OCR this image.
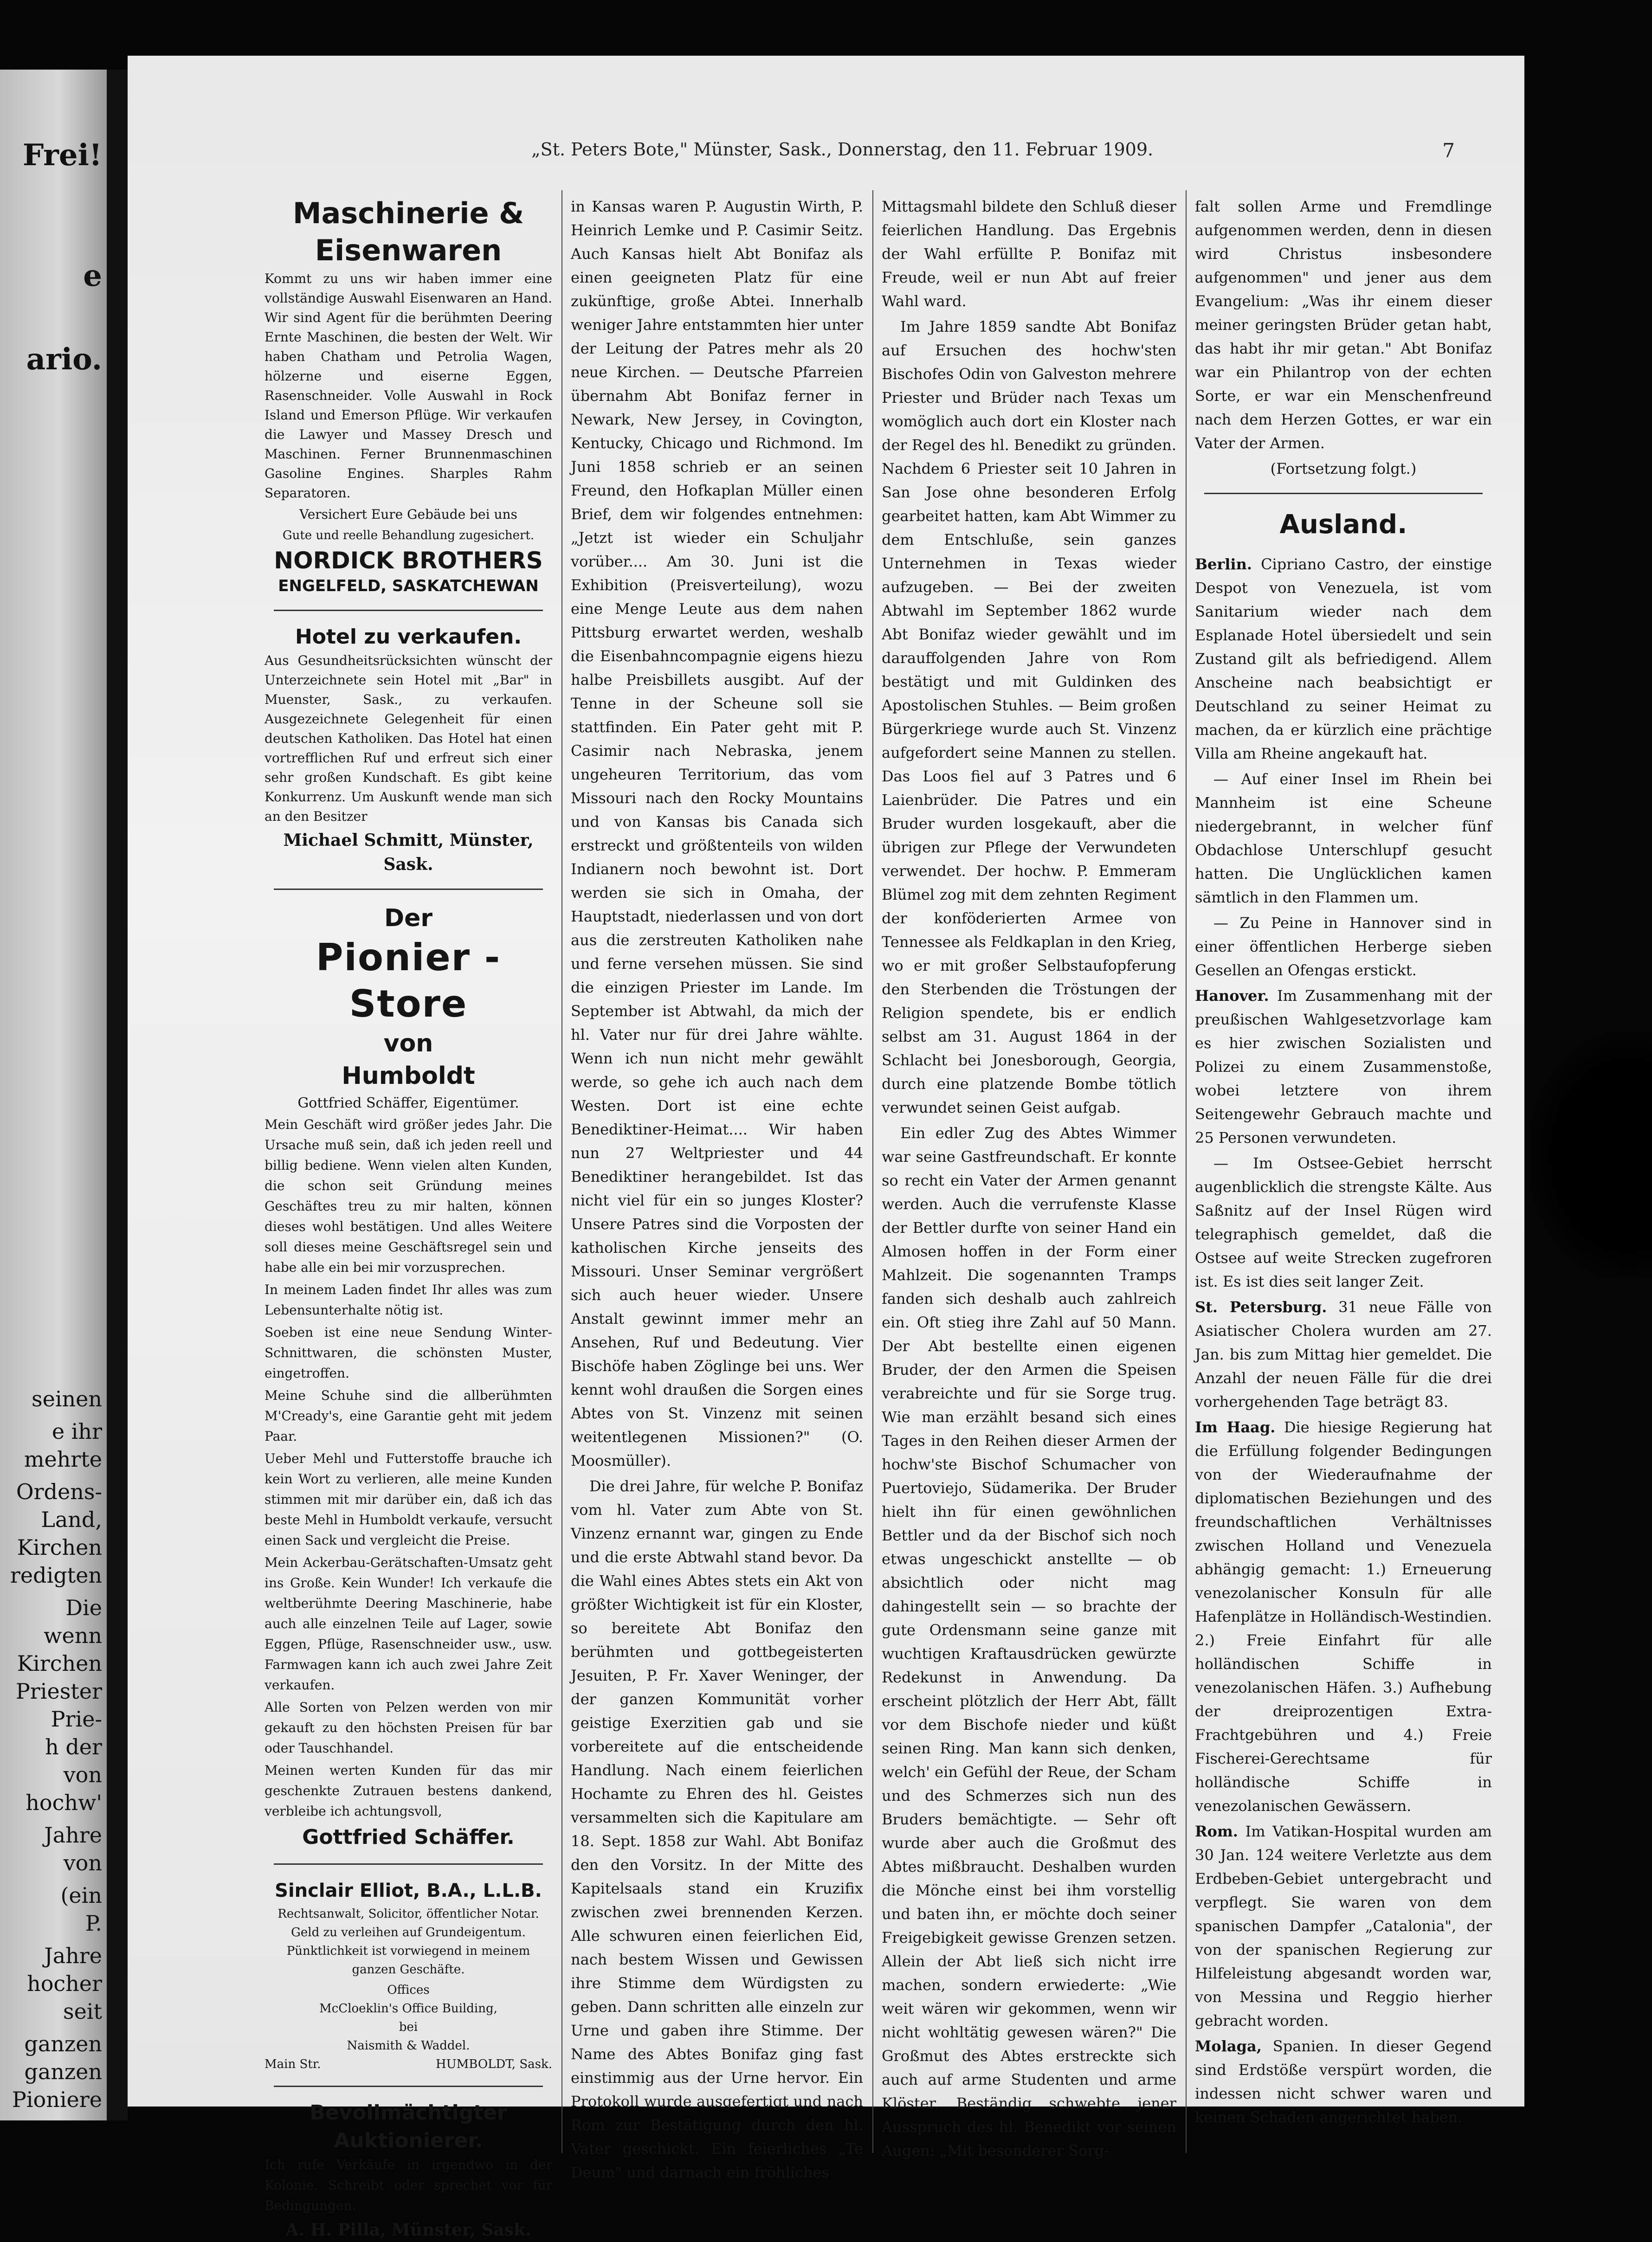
Frei!
e
ario.
seinen
e ihr
mehrte
Ordens-
Land,
Kirchen
redigten
Die
wenn
Kirchen
Priester
Prie-
h der
von
hochw'
Jahre
von
(ein
P.
Jahre
hocher
seit
ganzen
ganzen
Pioniere
„St. Peters Bote," Münster, Sask., Donnerstag, den 11. Februar 1909.	7
Maschinerie & Eisenwaren

Kommt zu uns wir haben immer eine vollständige Auswahl Eisenwaren an Hand. Wir sind Agent für die berühmten Deering Ernte Maschinen, die besten der Welt. Wir haben Chatham und Petrolia Wagen, hölzerne und eiserne Eggen, Rasenschneider. Volle Auswahl in Rock Island und Emerson Pflüge. Wir verkaufen die Lawyer und Massey Dresch und Maschinen. Ferner Brunnenmaschinen Gasoline Engines. Sharples Rahm Separatoren.

Versichert Eure Gebäude bei uns

Gute und reelle Behandlung zugesichert.

NORDICK BROTHERS
ENGELFELD, SASKATCHEWAN
Hotel zu verkaufen.

Aus Gesundheitsrücksichten wünscht der Unterzeichnete sein Hotel mit „Bar" in Muenster, Sask., zu verkaufen. Ausgezeichnete Gelegenheit für einen deutschen Katholiken. Das Hotel hat einen vortrefflichen Ruf und erfreut sich einer sehr großen Kundschaft. Es gibt keine Konkurrenz. Um Auskunft wende man sich an den Besitzer

Michael Schmitt, Münster, Sask.
Der
Pionier - Store
von
Humboldt
Gottfried Schäffer, Eigentümer.

Mein Geschäft wird größer jedes Jahr. Die Ursache muß sein, daß ich jeden reell und billig bediene. Wenn vielen alten Kunden, die schon seit Gründung meines Geschäftes treu zu mir halten, können dieses wohl bestätigen. Und alles Weitere soll dieses meine Geschäftsregel sein und habe alle ein bei mir vorzusprechen.

In meinem Laden findet Ihr alles was zum Lebensunterhalte nötig ist.

Soeben ist eine neue Sendung Winter-Schnittwaren, die schönsten Muster, eingetroffen.

Meine Schuhe sind die allberühmten M'Cready's, eine Garantie geht mit jedem Paar.

Ueber Mehl und Futterstoffe brauche ich kein Wort zu verlieren, alle meine Kunden stimmen mit mir darüber ein, daß ich das beste Mehl in Humboldt verkaufe, versucht einen Sack und vergleicht die Preise.

Mein Ackerbau-Gerätschaften-Umsatz geht ins Große. Kein Wunder! Ich verkaufe die weltberühmte Deering Maschinerie, habe auch alle einzelnen Teile auf Lager, sowie Eggen, Pflüge, Rasenschneider usw., usw. Farmwagen kann ich auch zwei Jahre Zeit verkaufen.

Alle Sorten von Pelzen werden von mir gekauft zu den höchsten Preisen für bar oder Tauschhandel.

Meinen werten Kunden für das mir geschenkte Zutrauen bestens dankend, verbleibe ich achtungsvoll,

Gottfried Schäffer.
Sinclair Elliot, B.A., L.L.B.

Rechtsanwalt, Solicitor, öffentlicher Notar. Geld zu verleihen auf Grundeigentum. Pünktlichkeit ist vorwiegend in meinem ganzen Geschäfte.

Offices
McCloeklin's Office Building,
bei
Naismith & Waddel.
Main Str.	HUMBOLDT, Sask.
Bevollmächtigter Auktionierer.

Ich rufe Verkäufe in irgendwo in der Kolonie. Schreibt oder sprechet vor für Bedingungen.

A. H. Pilla, Münster, Sask.

in Kansas waren P. Augustin Wirth, P. Heinrich Lemke und P. Casimir Seitz. Auch Kansas hielt Abt Bonifaz als einen geeigneten Platz für eine zukünftige, große Abtei. Innerhalb weniger Jahre entstammten hier unter der Leitung der Patres mehr als 20 neue Kirchen. — Deutsche Pfarreien übernahm Abt Bonifaz ferner in Newark, New Jersey, in Covington, Kentucky, Chicago und Richmond. Im Juni 1858 schrieb er an seinen Freund, den Hofkaplan Müller einen Brief, dem wir folgendes entnehmen: „Jetzt ist wieder ein Schuljahr vorüber.... Am 30. Juni ist die Exhibition (Preisverteilung), wozu eine Menge Leute aus dem nahen Pittsburg erwartet werden, weshalb die Eisenbahncompagnie eigens hiezu halbe Preisbillets ausgibt. Auf der Tenne in der Scheune soll sie stattfinden. Ein Pater geht mit P. Casimir nach Nebraska, jenem ungeheuren Territorium, das vom Missouri nach den Rocky Mountains und von Kansas bis Canada sich erstreckt und größtenteils von wilden Indianern noch bewohnt ist. Dort werden sie sich in Omaha, der Hauptstadt, niederlassen und von dort aus die zerstreuten Katholiken nahe und ferne versehen müssen. Sie sind die einzigen Priester im Lande. Im September ist Abtwahl, da mich der hl. Vater nur für drei Jahre wählte. Wenn ich nun nicht mehr gewählt werde, so gehe ich auch nach dem Westen. Dort ist eine echte Benediktiner-Heimat.... Wir haben nun 27 Weltpriester und 44 Benediktiner herangebildet. Ist das nicht viel für ein so junges Kloster? Unsere Patres sind die Vorposten der katholischen Kirche jenseits des Missouri. Unser Seminar vergrößert sich auch heuer wieder. Unsere Anstalt gewinnt immer mehr an Ansehen, Ruf und Bedeutung. Vier Bischöfe haben Zöglinge bei uns. Wer kennt wohl draußen die Sorgen eines Abtes von St. Vinzenz mit seinen weitentlegenen Missionen?" (O. Moosmüller).

Die drei Jahre, für welche P. Bonifaz vom hl. Vater zum Abte von St. Vinzenz ernannt war, gingen zu Ende und die erste Abtwahl stand bevor. Da die Wahl eines Abtes stets ein Akt von größter Wichtigkeit ist für ein Kloster, so bereitete Abt Bonifaz den berühmten und gottbegeisterten Jesuiten, P. Fr. Xaver Weninger, der der ganzen Kommunität vorher geistige Exerzitien gab und sie vorbereitete auf die entscheidende Handlung. Nach einem feierlichen Hochamte zu Ehren des hl. Geistes versammelten sich die Kapitulare am 18. Sept. 1858 zur Wahl. Abt Bonifaz den den Vorsitz. In der Mitte des Kapitelsaals stand ein Kruzifix zwischen zwei brennenden Kerzen. Alle schwuren einen feierlichen Eid, nach bestem Wissen und Gewissen ihre Stimme dem Würdigsten zu geben. Dann schritten alle einzeln zur Urne und gaben ihre Stimme. Der Name des Abtes Bonifaz ging fast einstimmig aus der Urne hervor. Ein Protokoll wurde ausgefertigt und nach Rom zur Bestätigung durch den hl. Vater geschickt. Ein feierliches „Te Deum" und darnach ein fröhliches

Mittagsmahl bildete den Schluß dieser feierlichen Handlung. Das Ergebnis der Wahl erfüllte P. Bonifaz mit Freude, weil er nun Abt auf freier Wahl ward.

Im Jahre 1859 sandte Abt Bonifaz auf Ersuchen des hochw'sten Bischofes Odin von Galveston mehrere Priester und Brüder nach Texas um womöglich auch dort ein Kloster nach der Regel des hl. Benedikt zu gründen. Nachdem 6 Priester seit 10 Jahren in San Jose ohne besonderen Erfolg gearbeitet hatten, kam Abt Wimmer zu dem Entschluße, sein ganzes Unternehmen in Texas wieder aufzugeben. — Bei der zweiten Abtwahl im September 1862 wurde Abt Bonifaz wieder gewählt und im darauffolgenden Jahre von Rom bestätigt und mit Guldinken des Apostolischen Stuhles. — Beim großen Bürgerkriege wurde auch St. Vinzenz aufgefordert seine Mannen zu stellen. Das Loos fiel auf 3 Patres und 6 Laienbrüder. Die Patres und ein Bruder wurden losgekauft, aber die übrigen zur Pflege der Verwundeten verwendet. Der hochw. P. Emmeram Blümel zog mit dem zehnten Regiment der konföderierten Armee von Tennessee als Feldkaplan in den Krieg, wo er mit großer Selbstaufopferung den Sterbenden die Tröstungen der Religion spendete, bis er endlich selbst am 31. August 1864 in der Schlacht bei Jonesborough, Georgia, durch eine platzende Bombe tötlich verwundet seinen Geist aufgab.

Ein edler Zug des Abtes Wimmer war seine Gastfreundschaft. Er konnte so recht ein Vater der Armen genannt werden. Auch die verrufenste Klasse der Bettler durfte von seiner Hand ein Almosen hoffen in der Form einer Mahlzeit. Die sogenannten Tramps fanden sich deshalb auch zahlreich ein. Oft stieg ihre Zahl auf 50 Mann. Der Abt bestellte einen eigenen Bruder, der den Armen die Speisen verabreichte und für sie Sorge trug. Wie man erzählt besand sich eines Tages in den Reihen dieser Armen der hochw'ste Bischof Schumacher von Puertoviejo, Südamerika. Der Bruder hielt ihn für einen gewöhnlichen Bettler und da der Bischof sich noch etwas ungeschickt anstellte — ob absichtlich oder nicht mag dahingestellt sein — so brachte der gute Ordensmann seine ganze mit wuchtigen Kraftausdrücken gewürzte Redekunst in Anwendung. Da erscheint plötzlich der Herr Abt, fällt vor dem Bischofe nieder und küßt seinen Ring. Man kann sich denken, welch' ein Gefühl der Reue, der Scham und des Schmerzes sich nun des Bruders bemächtigte. — Sehr oft wurde aber auch die Großmut des Abtes mißbraucht. Deshalben wurden die Mönche einst bei ihm vorstellig und baten ihn, er möchte doch seiner Freigebigkeit gewisse Grenzen setzen. Allein der Abt ließ sich nicht irre machen, sondern erwiederte: „Wie weit wären wir gekommen, wenn wir nicht wohltätig gewesen wären?" Die Großmut des Abtes erstreckte sich auch auf arme Studenten und arme Klöster. Beständig schwebte jener Ausspruch des hl. Benedikt vor seinen Augen: „Mit besonderer Sorg-

falt sollen Arme und Fremdlinge aufgenommen werden, denn in diesen wird Christus insbesondere aufgenommen" und jener aus dem Evangelium: „Was ihr einem dieser meiner geringsten Brüder getan habt, das habt ihr mir getan." Abt Bonifaz war ein Philantrop von der echten Sorte, er war ein Menschenfreund nach dem Herzen Gottes, er war ein Vater der Armen.

(Fortsetzung folgt.)

Ausland.

Berlin. Cipriano Castro, der einstige Despot von Venezuela, ist vom Sanitarium wieder nach dem Esplanade Hotel übersiedelt und sein Zustand gilt als befriedigend. Allem Anscheine nach beabsichtigt er Deutschland zu seiner Heimat zu machen, da er kürzlich eine prächtige Villa am Rheine angekauft hat.

— Auf einer Insel im Rhein bei Mannheim ist eine Scheune niedergebrannt, in welcher fünf Obdachlose Unterschlupf gesucht hatten. Die Unglücklichen kamen sämtlich in den Flammen um.

— Zu Peine in Hannover sind in einer öffentlichen Herberge sieben Gesellen an Ofengas erstickt.

Hanover. Im Zusammenhang mit der preußischen Wahlgesetzvorlage kam es hier zwischen Sozialisten und Polizei zu einem Zusammenstoße, wobei letztere von ihrem Seitengewehr Gebrauch machte und 25 Personen verwundeten.

— Im Ostsee-Gebiet herrscht augenblicklich die strengste Kälte. Aus Saßnitz auf der Insel Rügen wird telegraphisch gemeldet, daß die Ostsee auf weite Strecken zugefroren ist. Es ist dies seit langer Zeit.

St. Petersburg. 31 neue Fälle von Asiatischer Cholera wurden am 27. Jan. bis zum Mittag hier gemeldet. Die Anzahl der neuen Fälle für die drei vorhergehenden Tage beträgt 83.

Im Haag. Die hiesige Regierung hat die Erfüllung folgender Bedingungen von der Wiederaufnahme der diplomatischen Beziehungen und des freundschaftlichen Verhältnisses zwischen Holland und Venezuela abhängig gemacht: 1.) Erneuerung venezolanischer Konsuln für alle Hafenplätze in Holländisch-Westindien. 2.) Freie Einfahrt für alle holländischen Schiffe in venezolanischen Häfen. 3.) Aufhebung der dreiprozentigen Extra-Frachtgebühren und 4.) Freie Fischerei-Gerechtsame für holländische Schiffe in venezolanischen Gewässern.

Rom. Im Vatikan-Hospital wurden am 30 Jan. 124 weitere Verletzte aus dem Erdbeben-Gebiet untergebracht und verpflegt. Sie waren von dem spanischen Dampfer „Catalonia", der von der spanischen Regierung zur Hilfeleistung abgesandt worden war, von Messina und Reggio hierher gebracht worden.

Molaga, Spanien. In dieser Gegend sind Erdstöße verspürt worden, die indessen nicht schwer waren und keinen Schaden angerichtet haben.
